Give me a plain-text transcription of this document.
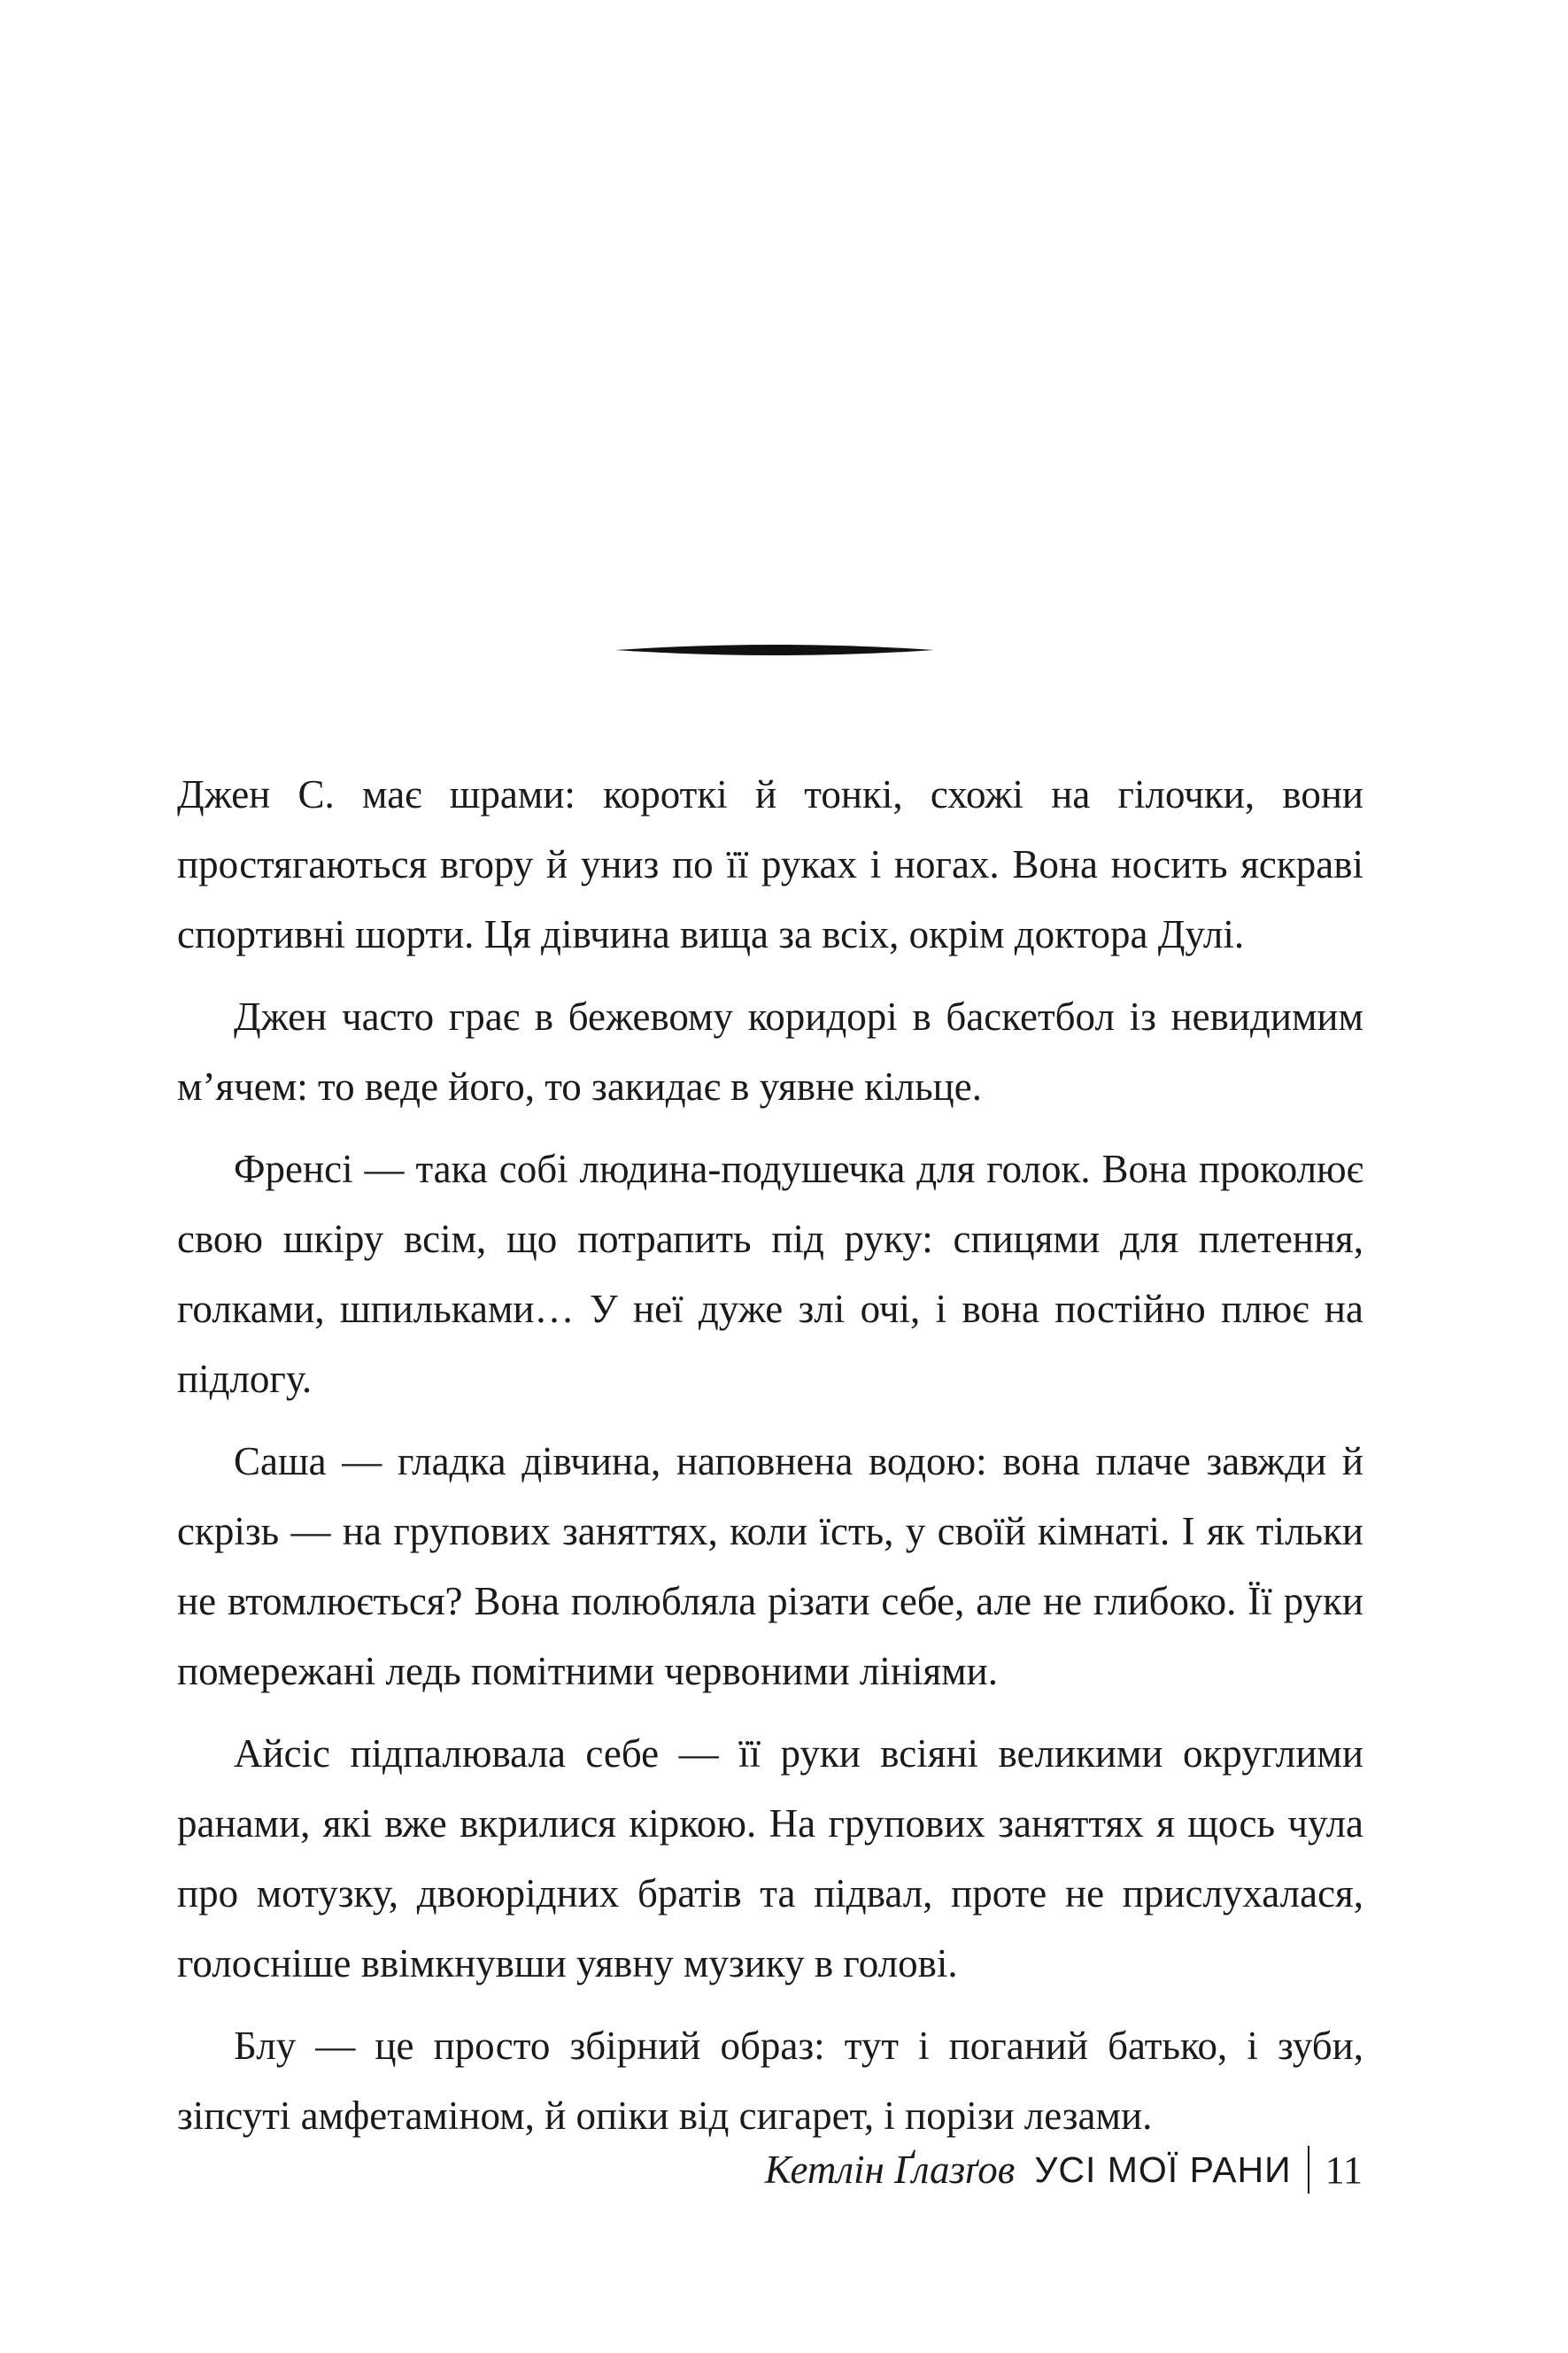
Джен С. має шрами: короткі й тонкі, схожі на гілочки, вони простягаються вгору й униз по її руках і ногах. Вона носить яскраві спортивні шорти. Ця дівчина вища за всіх, окрім доктора Дулі.

Джен часто грає в бежевому коридорі в баскетбол із невидимим м’ячем: то веде його, то закидає в уявне кільце.

Френсі — така собі людина-подушечка для голок. Вона проколює свою шкіру всім, що потрапить під руку: спицями для плетення, голками, шпильками… У неї дуже злі очі, і вона постійно плює на підлогу.

Саша — гладка дівчина, наповнена водою: вона плаче завжди й скрізь — на групових заняттях, коли їсть, у своїй кімнаті. І як тільки не втомлюється? Вона полюбляла різати себе, але не глибоко. Її руки помережані ледь помітними червоними лініями.

Айсіс підпалювала себе — її руки всіяні великими округлими ранами, які вже вкрилися кіркою. На групових заняттях я щось чула про мотузку, двоюрідних братів та підвал, проте не прислухалася, голосніше ввімкнувши уявну музику в голові.

Блу — це просто збірний образ: тут і поганий батько, і зуби, зіпсуті амфетаміном, й опіки від сигарет, і порізи лезами.

Кетлін Ґлазґов УСІ МОЇ РАНИ 11
